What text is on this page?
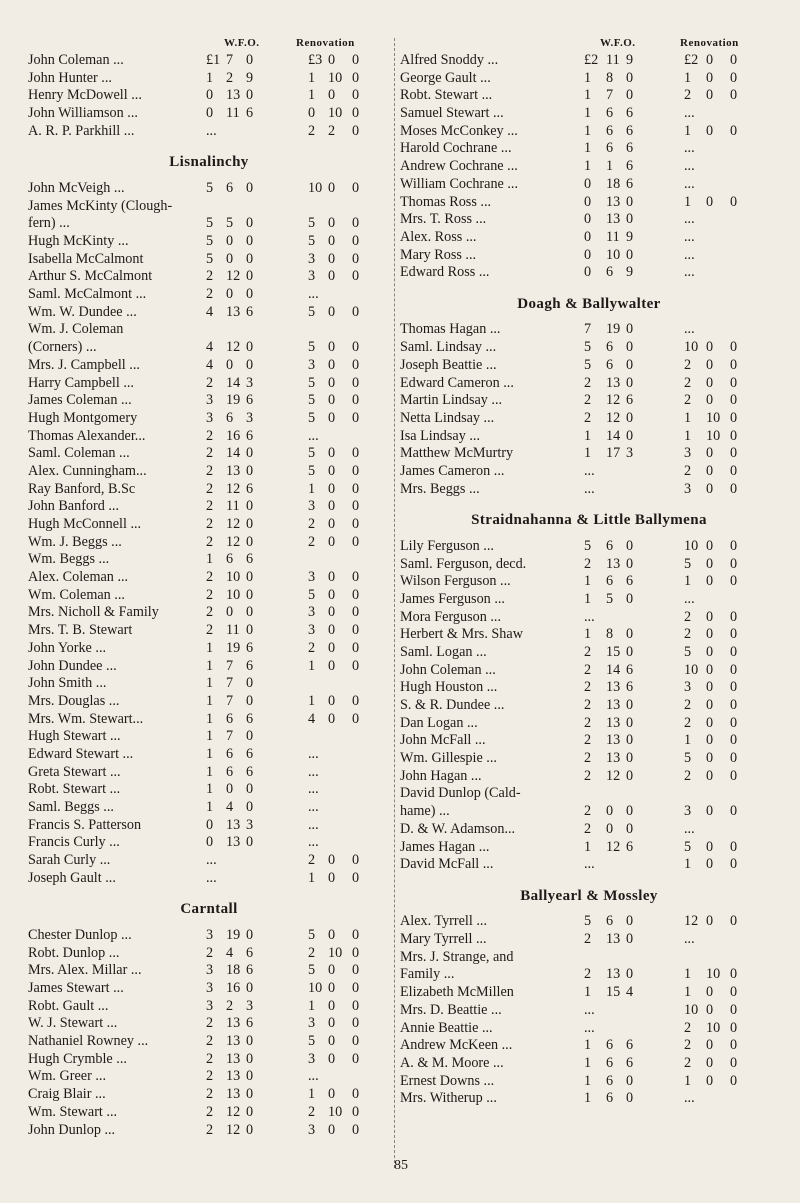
W.F.O.	Renovation
John Coleman ...	£1 7 0	£3 0 0
John Hunter ...	1 2 9	1 10 0
Henry McDowell ...	0 13 0	1 0 0
John Williamson ...	0 11 6	0 10 0
A. R. P. Parkhill ...	...	2 2 0
Lisnalinchy
John McVeigh ...	5 6 0	10 0 0
James McKinty (Clough-
fern) ...	5 5 0	5 0 0
Hugh McKinty ...	5 0 0	5 0 0
Isabella McCalmont	5 0 0	3 0 0
Arthur S. McCalmont	2 12 0	3 0 0
Saml. McCalmont ...	2 0 0	...
Wm. W. Dundee ...	4 13 6	5 0 0
Wm. J. Coleman
(Corners) ...	4 12 0	5 0 0
Mrs. J. Campbell ...	4 0 0	3 0 0
Harry Campbell ...	2 14 3	5 0 0
James Coleman ...	3 19 6	5 0 0
Hugh Montgomery	3 6 3	5 0 0
Thomas Alexander...	2 16 6	...
Saml. Coleman ...	2 14 0	5 0 0
Alex. Cunningham...	2 13 0	5 0 0
Ray Banford, B.Sc	2 12 6	1 0 0
John Banford ...	2 11 0	3 0 0
Hugh McConnell ...	2 12 0	2 0 0
Wm. J. Beggs ...	2 12 0	2 0 0
Wm. Beggs ...	1 6 6
Alex. Coleman ...	2 10 0	3 0 0
Wm. Coleman ...	2 10 0	5 0 0
Mrs. Nicholl & Family	2 0 0	3 0 0
Mrs. T. B. Stewart	2 11 0	3 0 0
John Yorke ...	1 19 6	2 0 0
John Dundee ...	1 7 6	1 0 0
John Smith ...	1 7 0
Mrs. Douglas ...	1 7 0	1 0 0
Mrs. Wm. Stewart...	1 6 6	4 0 0
Hugh Stewart ...	1 7 0
Edward Stewart ...	1 6 6	...
Greta Stewart ...	1 6 6	...
Robt. Stewart ...	1 0 0	...
Saml. Beggs ...	1 4 0	...
Francis S. Patterson	0 13 3	...
Francis Curly ...	0 13 0	...
Sarah Curly ...	...	2 0 0
Joseph Gault ...	...	1 0 0
Carntall
Chester Dunlop ...	3 19 0	5 0 0
Robt. Dunlop ...	2 4 6	2 10 0
Mrs. Alex. Millar ...	3 18 6	5 0 0
James Stewart ...	3 16 0	10 0 0
Robt. Gault ...	3 2 3	1 0 0
W. J. Stewart ...	2 13 6	3 0 0
Nathaniel Rowney ...	2 13 0	5 0 0
Hugh Crymble ...	2 13 0	3 0 0
Wm. Greer ...	2 13 0	...
Craig Blair ...	2 13 0	1 0 0
Wm. Stewart ...	2 12 0	2 10 0
John Dunlop ...	2 12 0	3 0 0
W.F.O.	Renovation
Alfred Snoddy ...	£2 11 9	£2 0 0
George Gault ...	1 8 0	1 0 0
Robt. Stewart ...	1 7 0	2 0 0
Samuel Stewart ...	1 6 6	...
Moses McConkey ...	1 6 6	1 0 0
Harold Cochrane ...	1 6 6	...
Andrew Cochrane ...	1 1 6	...
William Cochrane ...	0 18 6	...
Thomas Ross ...	0 13 0	1 0 0
Mrs. T. Ross ...	0 13 0	...
Alex. Ross ...	0 11 9	...
Mary Ross ...	0 10 0	...
Edward Ross ...	0 6 9	...
Doagh & Ballywalter
Thomas Hagan ...	7 19 0	...
Saml. Lindsay ...	5 6 0	10 0 0
Joseph Beattie ...	5 6 0	2 0 0
Edward Cameron ...	2 13 0	2 0 0
Martin Lindsay ...	2 12 6	2 0 0
Netta Lindsay ...	2 12 0	1 10 0
Isa Lindsay ...	1 14 0	1 10 0
Matthew McMurtry	1 17 3	3 0 0
James Cameron ...	...	2 0 0
Mrs. Beggs ...	...	3 0 0
Straidnahanna & Little Ballymena
Lily Ferguson ...	5 6 0	10 0 0
Saml. Ferguson, decd.	2 13 0	5 0 0
Wilson Ferguson ...	1 6 6	1 0 0
James Ferguson ...	1 5 0	...
Mora Ferguson ...	...	2 0 0
Herbert & Mrs. Shaw	1 8 0	2 0 0
Saml. Logan ...	2 15 0	5 0 0
John Coleman ...	2 14 6	10 0 0
Hugh Houston ...	2 13 6	3 0 0
S. & R. Dundee ...	2 13 0	2 0 0
Dan Logan ...	2 13 0	2 0 0
John McFall ...	2 13 0	1 0 0
Wm. Gillespie ...	2 13 0	5 0 0
John Hagan ...	2 12 0	2 0 0
David Dunlop (Cald-
hame) ...	2 0 0	3 0 0
D. & W. Adamson...	2 0 0	...
James Hagan ...	1 12 6	5 0 0
David McFall ...	...	1 0 0
Ballyearl & Mossley
Alex. Tyrrell ...	5 6 0	12 0 0
Mary Tyrrell ...	2 13 0	...
Mrs. J. Strange, and
Family ...	2 13 0	1 10 0
Elizabeth McMillen	1 15 4	1 0 0
Mrs. D. Beattie ...	...	10 0 0
Annie Beattie ...	...	2 10 0
Andrew McKeen ...	1 6 6	2 0 0
A. & M. Moore ...	1 6 6	2 0 0
Ernest Downs ...	1 6 0	1 0 0
Mrs. Witherup ...	1 6 0	...
85
